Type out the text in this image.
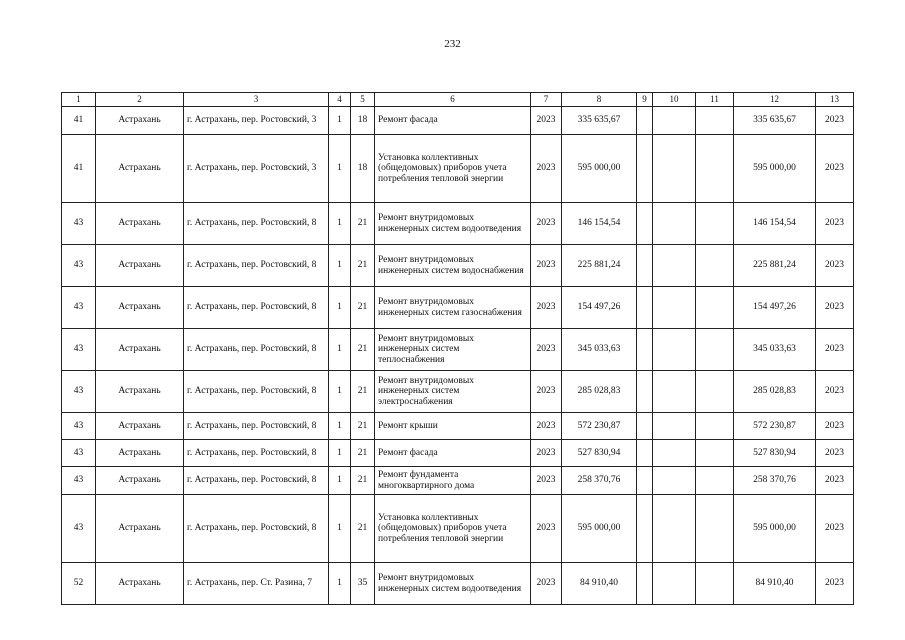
232
1	2	3	4	5	6	7	8	9	10	11	12	13
41	Астрахань	г. Астрахань, пер. Ростовский, 3	1	18	Ремонт фасада	2023	335 635,67				335 635,67	2023
41	Астрахань	г. Астрахань, пер. Ростовский, 3	1	18	Установка коллективных (общедомовых) приборов учета потребления тепловой энергии	2023	595 000,00				595 000,00	2023
43	Астрахань	г. Астрахань, пер. Ростовский, 8	1	21	Ремонт внутридомовых инженерных систем водоотведения	2023	146 154,54				146 154,54	2023
43	Астрахань	г. Астрахань, пер. Ростовский, 8	1	21	Ремонт внутридомовых инженерных систем водоснабжения	2023	225 881,24				225 881,24	2023
43	Астрахань	г. Астрахань, пер. Ростовский, 8	1	21	Ремонт внутридомовых инженерных систем газоснабжения	2023	154 497,26				154 497,26	2023
43	Астрахань	г. Астрахань, пер. Ростовский, 8	1	21	Ремонт внутридомовых инженерных систем теплоснабжения	2023	345 033,63				345 033,63	2023
43	Астрахань	г. Астрахань, пер. Ростовский, 8	1	21	Ремонт внутридомовых инженерных систем электроснабжения	2023	285 028,83				285 028,83	2023
43	Астрахань	г. Астрахань, пер. Ростовский, 8	1	21	Ремонт крыши	2023	572 230,87				572 230,87	2023
43	Астрахань	г. Астрахань, пер. Ростовский, 8	1	21	Ремонт фасада	2023	527 830,94				527 830,94	2023
43	Астрахань	г. Астрахань, пер. Ростовский, 8	1	21	Ремонт фундамента многоквартирного дома	2023	258 370,76				258 370,76	2023
43	Астрахань	г. Астрахань, пер. Ростовский, 8	1	21	Установка коллективных (общедомовых) приборов учета потребления тепловой энергии	2023	595 000,00				595 000,00	2023
52	Астрахань	г. Астрахань, пер. Ст. Разина, 7	1	35	Ремонт внутридомовых инженерных систем водоотведения	2023	84 910,40				84 910,40	2023
